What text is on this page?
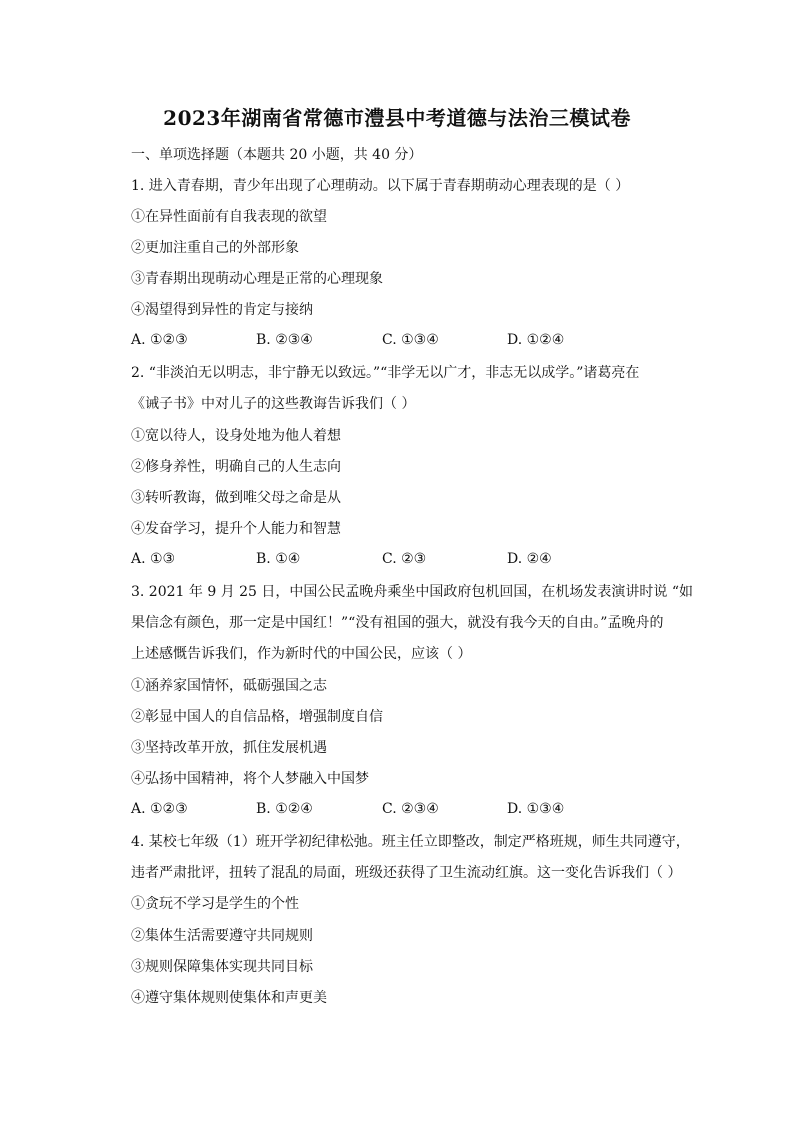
2023年湖南省常德市澧县中考道德与法治三模试卷
一、单项选择题（本题共 20 小题，共 40 分）
1. 进入青春期，青少年出现了心理萌动。以下属于青春期萌动心理表现的是（ ）
①在异性面前有自我表现的欲望
②更加注重自己的外部形象
③青春期出现萌动心理是正常的心理现象
④渴望得到异性的肯定与接纳
A. ①②③	B. ②③④	C. ①③④	D. ①②④
2. “非淡泊无以明志，非宁静无以致远。”“非学无以广才，非志无以成学。”诸葛亮在
《诫子书》中对儿子的这些教诲告诉我们（ ）
①宽以待人，设身处地为他人着想
②修身养性，明确自己的人生志向
③转听教诲，做到唯父母之命是从
④发奋学习，提升个人能力和智慧
A. ①③	B. ①④	C. ②③	D. ②④
3. 2021 年 9 月 25 日，中国公民孟晚舟乘坐中国政府包机回国，在机场发表演讲时说 “如
果信念有颜色，那一定是中国红！”“没有祖国的强大，就没有我今天的自由。”孟晚舟的
上述感慨告诉我们，作为新时代的中国公民，应该（ ）
①涵养家国情怀，砥砺强国之志
②彰显中国人的自信品格，增强制度自信
③坚持改革开放，抓住发展机遇
④弘扬中国精神，将个人梦融入中国梦
A. ①②③	B. ①②④	C. ②③④	D. ①③④
4. 某校七年级（1）班开学初纪律松弛。班主任立即整改，制定严格班规，师生共同遵守，
违者严肃批评，扭转了混乱的局面，班级还获得了卫生流动红旗。这一变化告诉我们（ ）
①贪玩不学习是学生的个性
②集体生活需要遵守共同规则
③规则保障集体实现共同目标
④遵守集体规则使集体和声更美
